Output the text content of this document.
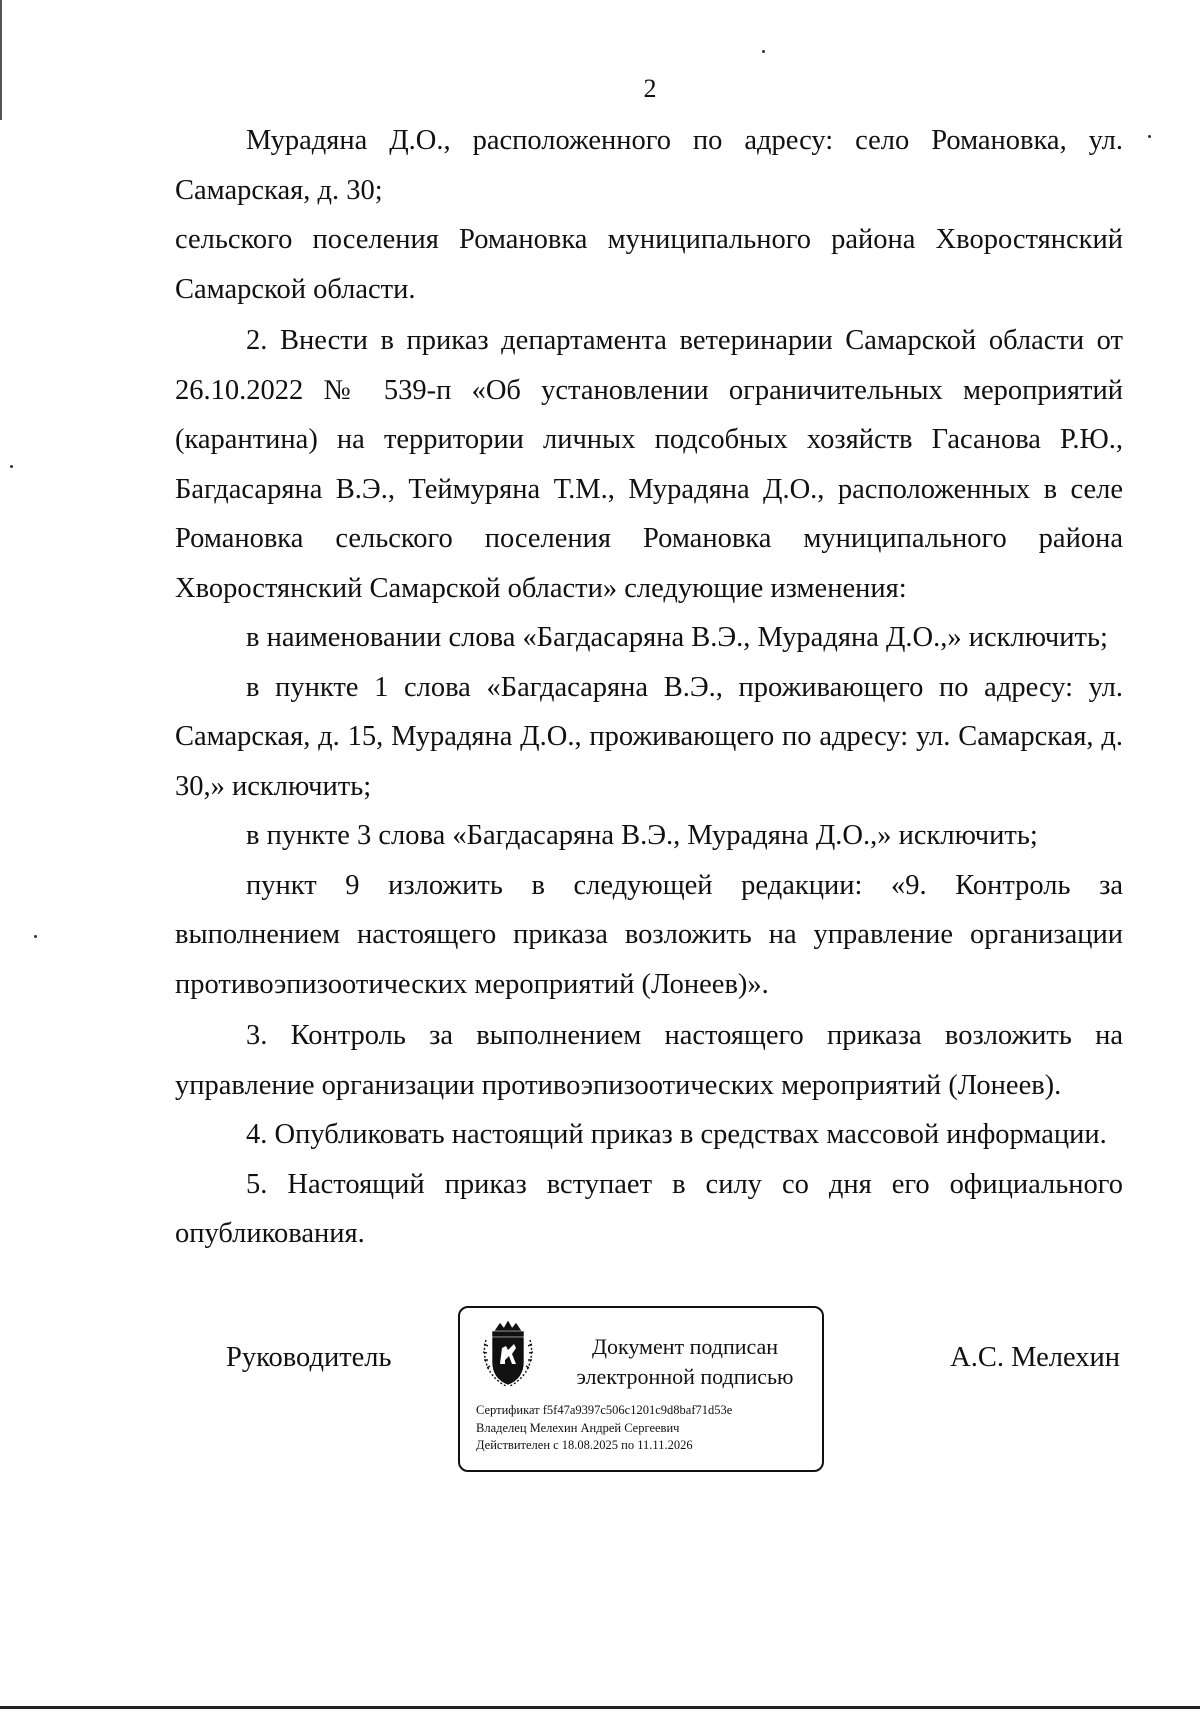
2

Мурадяна Д.О., расположенного по адресу: село Романовка, ул. Самарская, д. 30;

сельского поселения Романовка муниципального района Хворостянский Самарской области.

2. Внести в приказ департамента ветеринарии Самарской области от 26.10.2022 № 539-п «Об установлении ограничительных мероприятий (карантина) на территории личных подсобных хозяйств Гасанова Р.Ю., Багдасаряна В.Э., Теймуряна Т.М., Мурадяна Д.О., расположенных в селе Романовка сельского поселения Романовка муниципального района Хворостянский Самарской области» следующие изменения:

в наименовании слова «Багдасаряна В.Э., Мурадяна Д.О.,» исключить;

в пункте 1 слова «Багдасаряна В.Э., проживающего по адресу: ул. Самарская, д. 15, Мурадяна Д.О., проживающего по адресу: ул. Самарская, д. 30,» исключить;

в пункте 3 слова «Багдасаряна В.Э., Мурадяна Д.О.,» исключить;

пункт 9 изложить в следующей редакции: «9. Контроль за выполнением настоящего приказа возложить на управление организации противоэпизоотических мероприятий (Лонеев)».

3. Контроль за выполнением настоящего приказа возложить на управление организации противоэпизоотических мероприятий (Лонеев).

4. Опубликовать настоящий приказ в средствах массовой информации.

5. Настоящий приказ вступает в силу со дня его официального опубликования.

Руководитель	Документ подписан
электронной подписью
Сертификат f5f47a9397c506c1201c9d8baf71d53e
Владелец Мелехин Андрей Сергеевич
Действителен с 18.08.2025 по 11.11.2026
А.С. Мелехин
